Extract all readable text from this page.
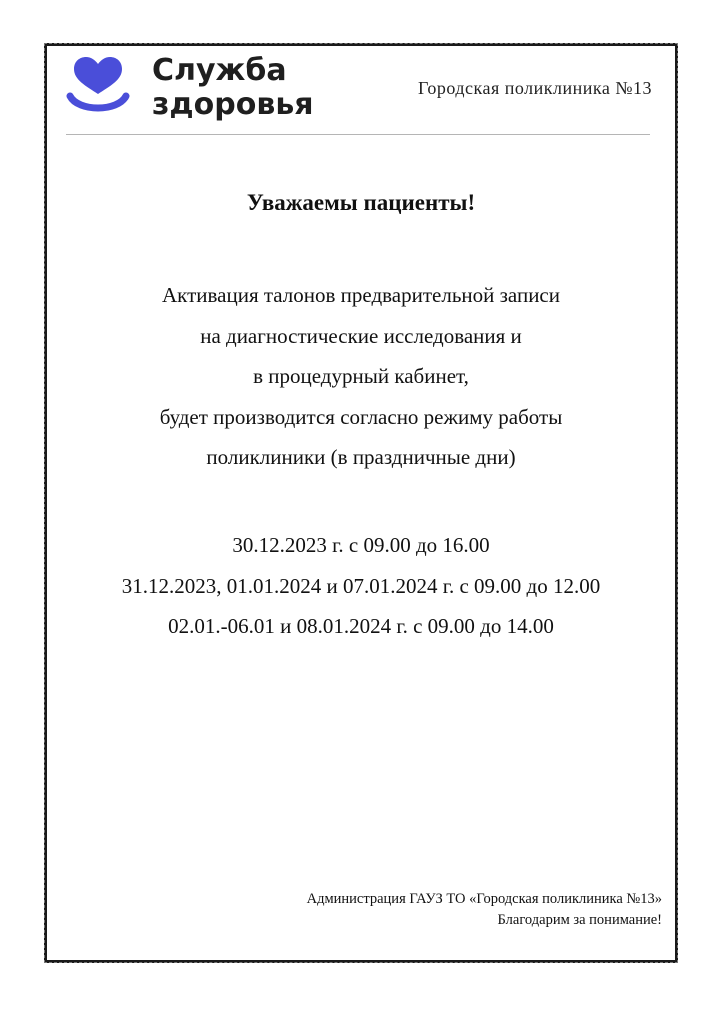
Служба
здоровья	Городская поликлиника №13
Уважаемы пациенты!
Активация талонов предварительной записи
на диагностические исследования и
в процедурный кабинет,
будет производится согласно режиму работы
поликлиники (в праздничные дни)
30.12.2023 г. с 09.00 до 16.00
31.12.2023, 01.01.2024 и 07.01.2024 г. с 09.00 до 12.00
02.01.-06.01 и 08.01.2024 г. с 09.00 до 14.00
Администрация ГАУЗ ТО «Городская поликлиника №13»
Благодарим за понимание!
